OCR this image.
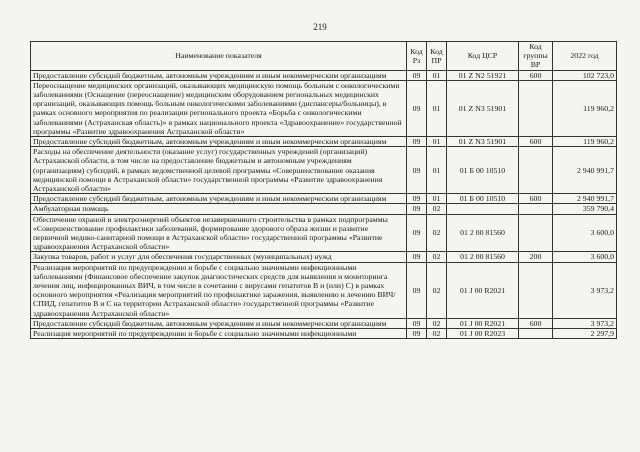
219
Наименование показателя	Код Рз	Код ПР	Код ЦСР	Код группы ВР	2022 год
Предоставление субсидий бюджетным, автономным учреждениям и иным некоммерческим организациям	09	01	01 Z N2 51921	600	102 723,0
Переоснащение медицинских организаций, оказывающих медицинскую помощь больным с онкологическими заболеваниями (Оснащение (переоснащение) медицинским оборудованием региональных медицинских организаций, оказывающих помощь больным онкологическими заболеваниями (диспансеры/больницы), в рамках основного мероприятия по реализации регионального проекта «Борьба с онкологическими заболеваниями (Астраханская область)» в рамках национального проекта «Здравоохранение» государственной программы «Развитие здравоохранения Астраханской области»	09	01	01 Z N3 51901		119 960,2
Предоставление субсидий бюджетным, автономным учреждениям и иным некоммерческим организациям	09	01	01 Z N3 51901	600	119 960,2
Расходы на обеспечение деятельности (оказание услуг) государственных учреждений (организаций) Астраханской области, в том числе на предоставление бюджетным и автономным учреждениям (организациям) субсидий, в рамках ведомственной целевой программы «Совершенствование оказания медицинской помощи в Астраханской области» государственной программы «Развитие здравоохранения Астраханской области»	09	01	01 Б 00 10510		2 940 991,7
Предоставление субсидий бюджетным, автономным учреждениям и иным некоммерческим организациям	09	01	01 Б 00 10510	600	2 940 991,7
Амбулаторная помощь	09	02			359 790,4
Обеспечение охраной и электроэнергией объектов незавершенного строительства в рамках подпрограммы «Совершенствование профилактики заболеваний, формирование здорового образа жизни и развитие первичной медико-санитарной помощи в Астраханской области» государственной программы «Развитие здравоохранения Астраханской области»	09	02	01 2 00 81560		3 600,0
Закупка товаров, работ и услуг для обеспечения государственных (муниципальных) нужд	09	02	01 2 00 81560	200	3 600,0
Реализация мероприятий по предупреждению и борьбе с социально значимыми инфекционными заболеваниями (Финансовое обеспечение закупок диагностических средств для выявления и мониторинга лечения лиц, инфицированных ВИЧ, в том числе в сочетании с вирусами гепатитов В и (или) С) в рамках основного мероприятия «Реализация мероприятий по профилактике заражения, выявлению и лечению ВИЧ/СПИД, гепатитов В и С на территории Астраханской области» государственной программы «Развитие здравоохранения Астраханской области»	09	02	01 J 00 R2021		3 973,2
Предоставление субсидий бюджетным, автономным учреждениям и иным некоммерческим организациям	09	02	01 J 00 R2021	600	3 973,2
Реализация мероприятий по предупреждению и борьбе с социально значимыми инфекционными	09	02	01 J 00 R2023		2 297,9
